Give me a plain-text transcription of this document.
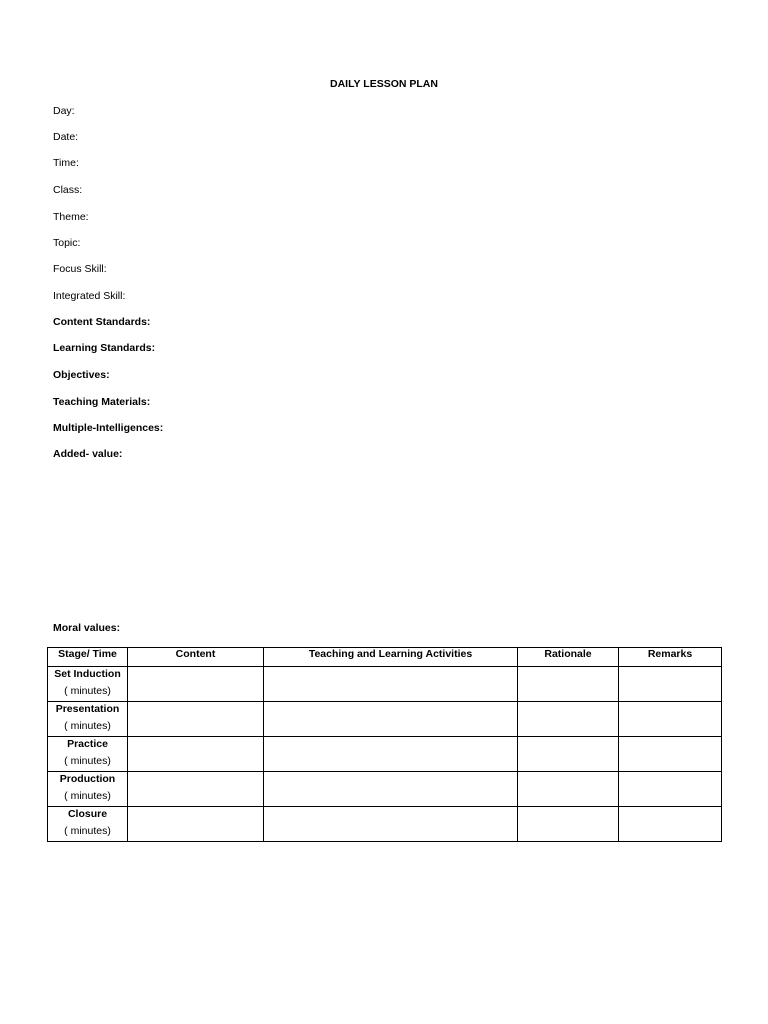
DAILY LESSON PLAN
Day:
Date:
Time:
Class:
Theme:
Topic:
Focus Skill:
Integrated Skill:
Content Standards:
Learning Standards:
Objectives:
Teaching Materials:
Multiple-Intelligences:
Added- value:
Moral values:
Stage/ Time	Content	Teaching and Learning Activities	Rationale	Remarks

Set Induction
( minutes)				

Presentation
( minutes)				

Practice
( minutes)				

Production
( minutes)				

Closure
( minutes)				
